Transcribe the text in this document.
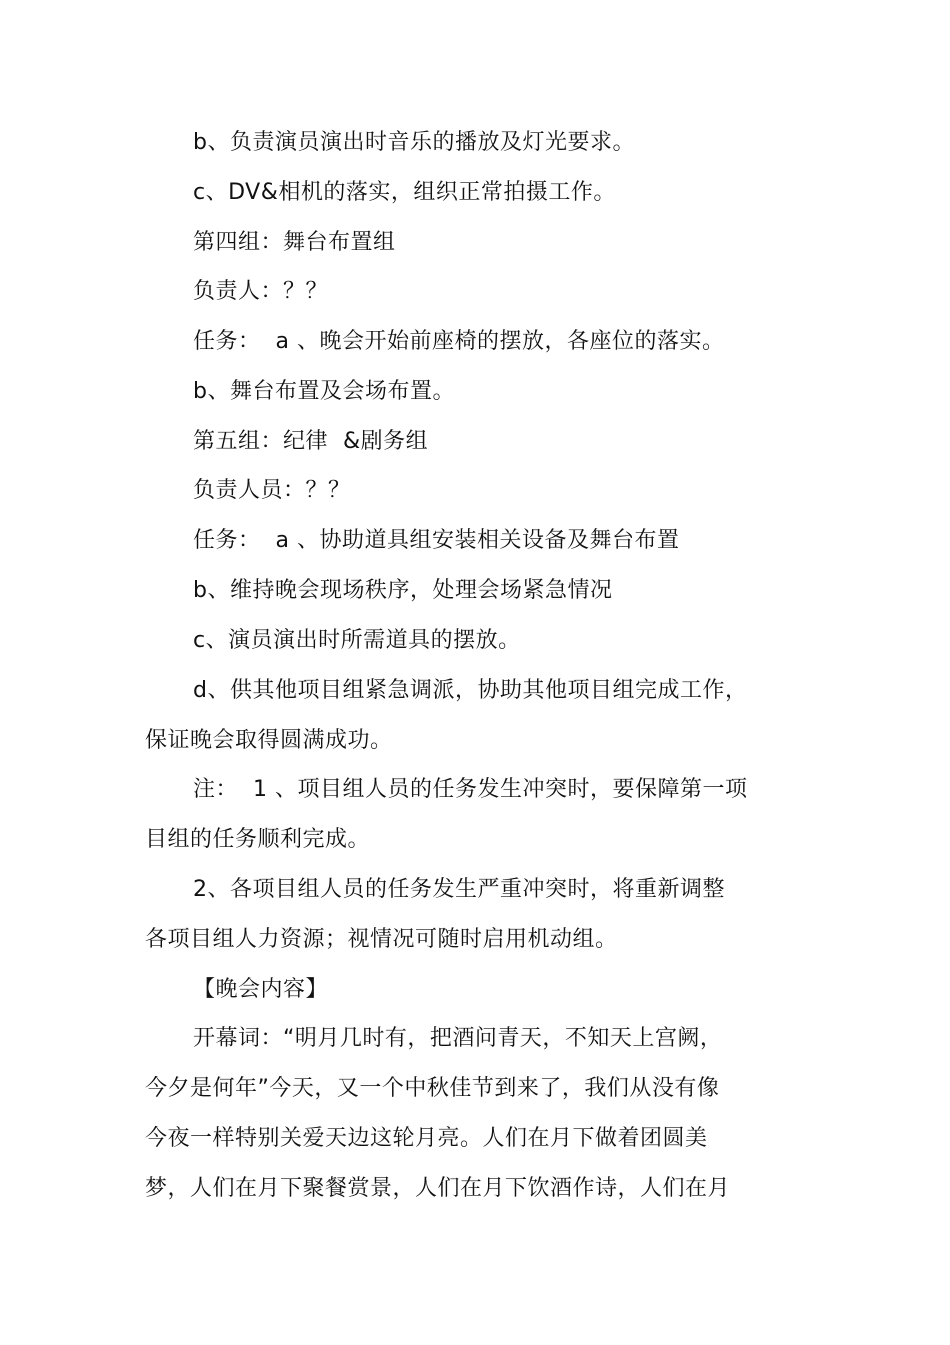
b、负责演员演出时音乐的播放及灯光要求。
c、DV&相机的落实，组织正常拍摄工作。
第四组：舞台布置组
负责人：？？
任务：  a 、晚会开始前座椅的摆放，各座位的落实。
b、舞台布置及会场布置。
第五组：纪律  &剧务组
负责人员：？？
任务：  a 、协助道具组安装相关设备及舞台布置
b、维持晚会现场秩序，处理会场紧急情况
c、演员演出时所需道具的摆放。
d、供其他项目组紧急调派，协助其他项目组完成工作，
保证晚会取得圆满成功。
注：  1 、项目组人员的任务发生冲突时，要保障第一项
目组的任务顺利完成。
2、各项目组人员的任务发生严重冲突时，将重新调整
各项目组人力资源；视情况可随时启用机动组。
【晚会内容】
开幕词：“明月几时有，把酒问青天，不知天上宫阙，
今夕是何年”今天，又一个中秋佳节到来了，我们从没有像
今夜一样特别关爱天边这轮月亮。人们在月下做着团圆美
梦，人们在月下聚餐赏景，人们在月下饮酒作诗，人们在月
